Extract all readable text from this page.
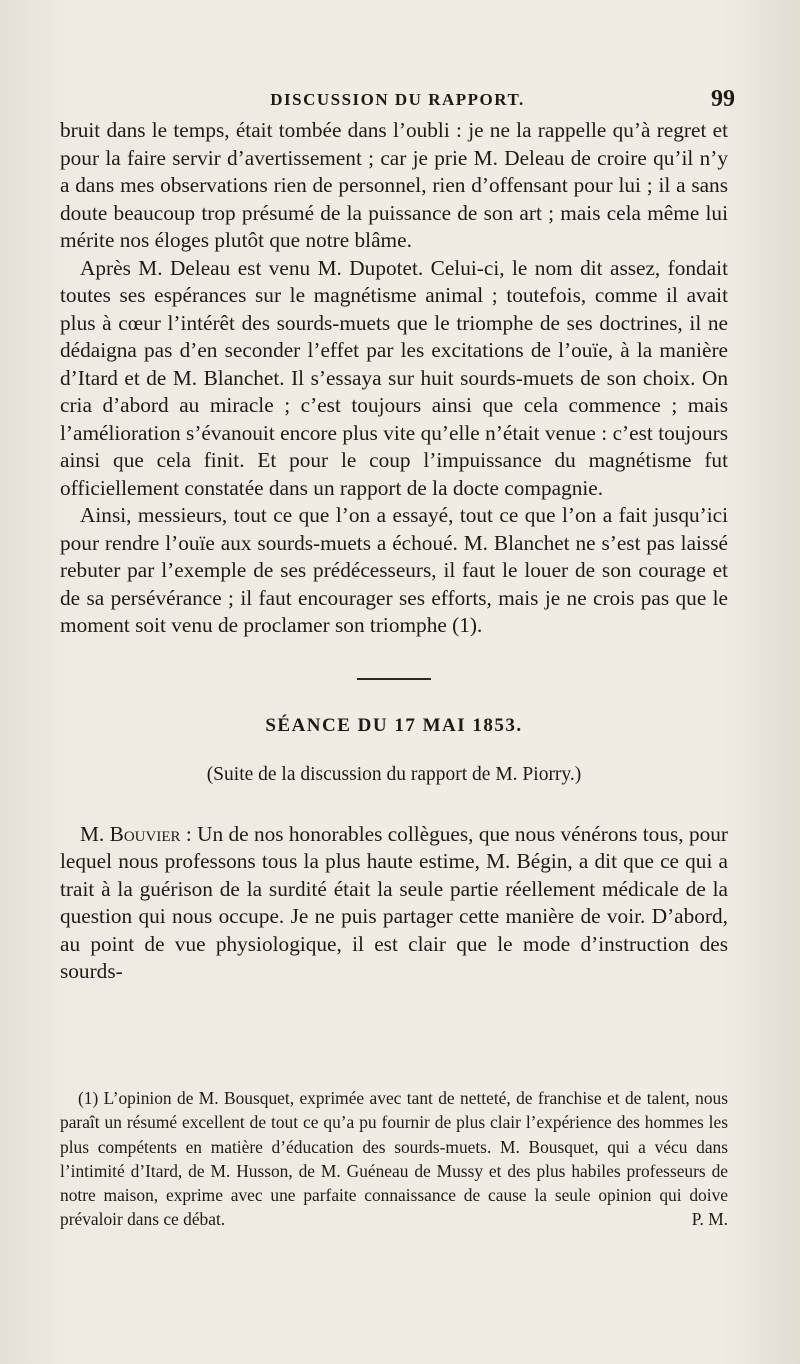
DISCUSSION DU RAPPORT.	99

bruit dans le temps, était tombée dans l’oubli : je ne la rappelle qu’à regret et pour la faire servir d’avertissement ; car je prie M. Deleau de croire qu’il n’y a dans mes observations rien de personnel, rien d’offensant pour lui ; il a sans doute beaucoup trop présumé de la puissance de son art ; mais cela même lui mérite nos éloges plutôt que notre blâme.

Après M. Deleau est venu M. Dupotet. Celui-ci, le nom dit assez, fondait toutes ses espérances sur le magnétisme animal ; toutefois, comme il avait plus à cœur l’intérêt des sourds-muets que le triomphe de ses doctrines, il ne dédaigna pas d’en seconder l’effet par les excitations de l’ouïe, à la manière d’Itard et de M. Blanchet. Il s’essaya sur huit sourds-muets de son choix. On cria d’abord au miracle ; c’est toujours ainsi que cela commence ; mais l’amélioration s’évanouit encore plus vite qu’elle n’était venue : c’est toujours ainsi que cela finit. Et pour le coup l’impuissance du magnétisme fut officiellement constatée dans un rapport de la docte compagnie.

Ainsi, messieurs, tout ce que l’on a essayé, tout ce que l’on a fait jusqu’ici pour rendre l’ouïe aux sourds-muets a échoué. M. Blanchet ne s’est pas laissé rebuter par l’exemple de ses prédécesseurs, il faut le louer de son courage et de sa persévérance ; il faut encourager ses efforts, mais je ne crois pas que le moment soit venu de proclamer son triomphe (1).

SÉANCE DU 17 MAI 1853.
(Suite de la discussion du rapport de M. Piorry.)

M. Bouvier : Un de nos honorables collègues, que nous vénérons tous, pour lequel nous professons tous la plus haute estime, M. Bégin, a dit que ce qui a trait à la guérison de la surdité était la seule partie réellement médicale de la question qui nous occupe. Je ne puis partager cette manière de voir. D’abord, au point de vue physiologique, il est clair que le mode d’instruction des sourds-

(1) L’opinion de M. Bousquet, exprimée avec tant de netteté, de franchise et de talent, nous paraît un résumé excellent de tout ce qu’a pu fournir de plus clair l’expérience des hommes les plus compétents en matière d’éducation des sourds-muets. M. Bousquet, qui a vécu dans l’intimité d’Itard, de M. Husson, de M. Guéneau de Mussy et des plus habiles professeurs de notre maison, exprime avec une parfaite connaissance de cause la seule opinion qui doive prévaloir dans ce débat.	P. M.
